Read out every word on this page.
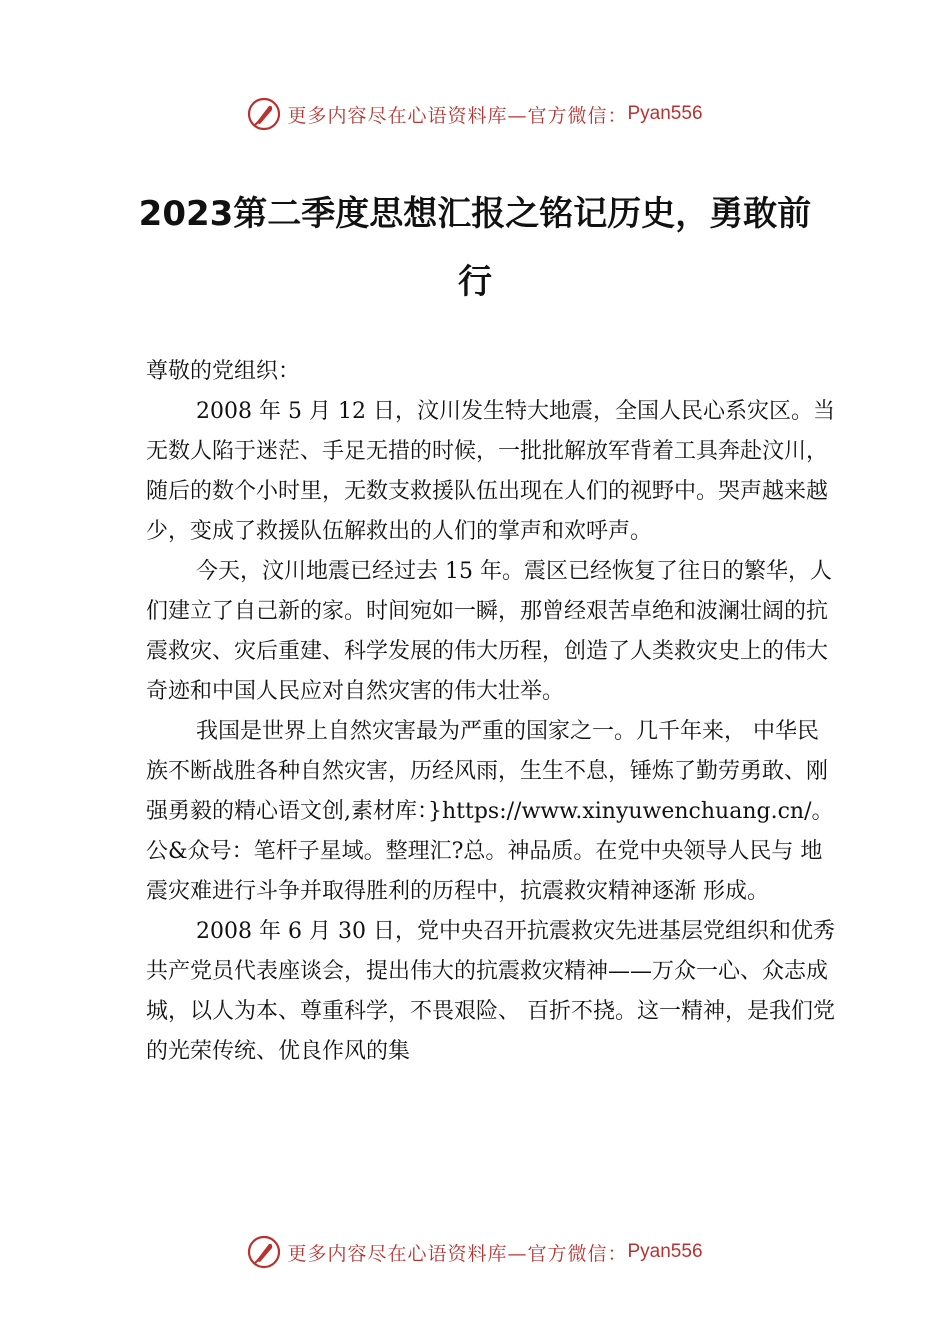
更多内容尽在心语资料库—官方微信： Pyan556
2023第二季度思想汇报之铭记历史，勇敢前行

尊敬的党组织：

2008 年 5 月 12 日，汶川发生特大地震，全国人民心系灾区。当无数人陷于迷茫、手足无措的时候，一批批解放军背着工具奔赴汶川，随后的数个小时里，无数支救援队伍出现在人们的视野中。哭声越来越少，变成了救援队伍解救出的人们的掌声和欢呼声。

今天，汶川地震已经过去 15 年。震区已经恢复了往日的繁华，人们建立了自己新的家。时间宛如一瞬，那曾经艰苦卓绝和波澜壮阔的抗震救灾、灾后重建、科学发展的伟大历程，创造了人类救灾史上的伟大奇迹和中国人民应对自然灾害的伟大壮举。

我国是世界上自然灾害最为严重的国家之一。几千年来， 中华民族不断战胜各种自然灾害，历经风雨，生生不息，锤炼了勤劳勇敢、刚强勇毅的精心语文创,素材库：}https://www.xinyuwenchuang.cn/。公&众号：笔杆子星域。整理汇?总。神品质。在党中央领导人民与 地震灾难进行斗争并取得胜利的历程中，抗震救灾精神逐渐 形成。

2008 年 6 月 30 日，党中央召开抗震救灾先进基层党组织和优秀共产党员代表座谈会，提出伟大的抗震救灾精神——万众一心、众志成城，以人为本、尊重科学，不畏艰险、 百折不挠。这一精神，是我们党的光荣传统、优良作风的集

更多内容尽在心语资料库—官方微信： Pyan556
